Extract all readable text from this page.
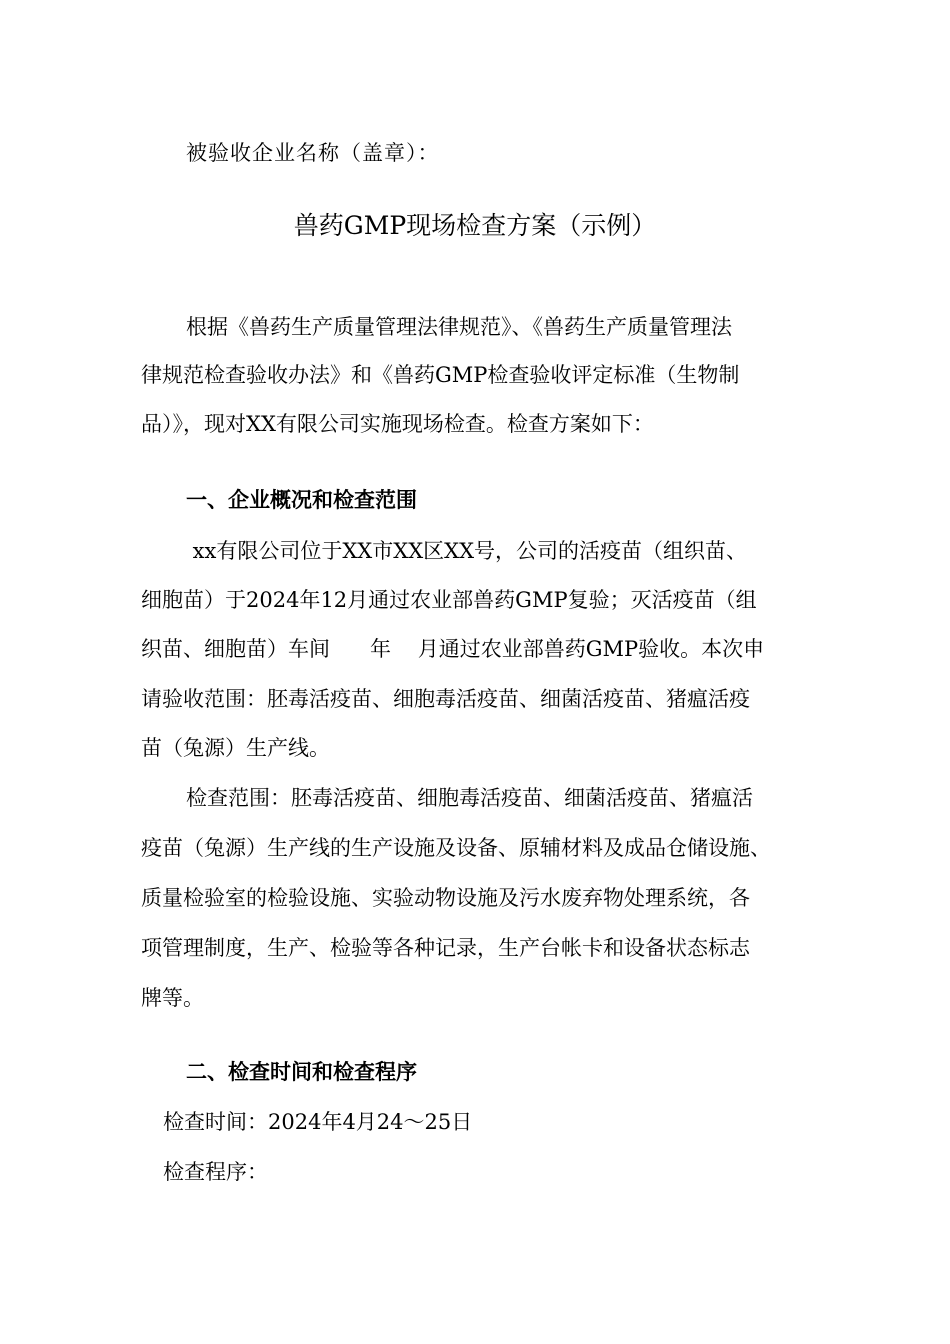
被验收企业名称（盖章）：
兽药GMP现场检查方案（示例）
根据《兽药生产质量管理法律规范》、《兽药生产质量管理法
律规范检查验收办法》和《兽药GMP检查验收评定标准（生物制
品）》，现对XX有限公司实施现场检查。检查方案如下：
一、企业概况和检查范围
xx有限公司位于XX市XX区XX号，公司的活疫苗（组织苗、
细胞苗）于2024年12月通过农业部兽药GMP复验；灭活疫苗（组
织苗、细胞苗）车间      年    月通过农业部兽药GMP验收。本次申
请验收范围：胚毒活疫苗、细胞毒活疫苗、细菌活疫苗、猪瘟活疫
苗（兔源）生产线。
检查范围：胚毒活疫苗、细胞毒活疫苗、细菌活疫苗、猪瘟活
疫苗（兔源）生产线的生产设施及设备、原辅材料及成品仓储设施、
质量检验室的检验设施、实验动物设施及污水废弃物处理系统，各
项管理制度，生产、检验等各种记录，生产台帐卡和设备状态标志
牌等。
二、检查时间和检查程序
检查时间：2024年4月24～25日
检查程序：
